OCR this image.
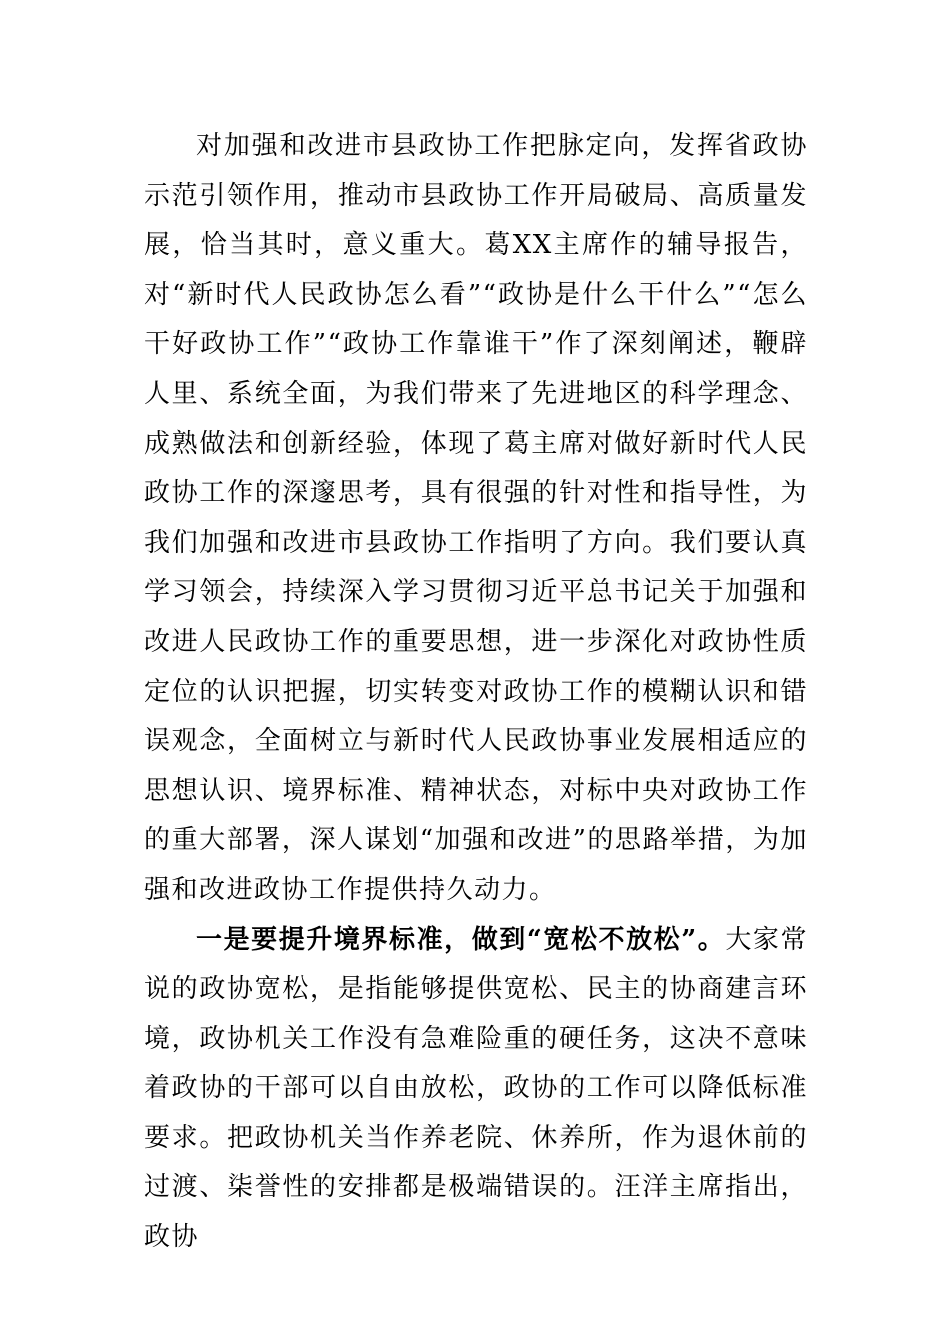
对加强和改进市县政协工作把脉定向，发挥省政协示范引领作用，推动市县政协工作开局破局、高质量发展，恰当其时，意义重大。葛XX主席作的辅导报告，对“新时代人民政协怎么看”“政协是什么干什么”“怎么干好政协工作”“政协工作靠谁干”作了深刻阐述，鞭辟人里、系统全面，为我们带来了先进地区的科学理念、成熟做法和创新经验，体现了葛主席对做好新时代人民政协工作的深邃思考，具有很强的针对性和指导性，为我们加强和改进市县政协工作指明了方向。我们要认真学习领会，持续深入学习贯彻习近平总书记关于加强和改进人民政协工作的重要思想，进一步深化对政协性质定位的认识把握，切实转变对政协工作的模糊认识和错误观念，全面树立与新时代人民政协事业发展相适应的思想认识、境界标准、精神状态，对标中央对政协工作的重大部署，深人谋划“加强和改进”的思路举措，为加强和改进政协工作提供持久动力。

一是要提升境界标准，做到“宽松不放松”。大家常说的政协宽松，是指能够提供宽松、民主的协商建言环境，政协机关工作没有急难险重的硬任务，这决不意味着政协的干部可以自由放松，政协的工作可以降低标准要求。把政协机关当作养老院、休养所，作为退休前的过渡、柒誉性的安排都是极端错误的。汪洋主席指出，政协
